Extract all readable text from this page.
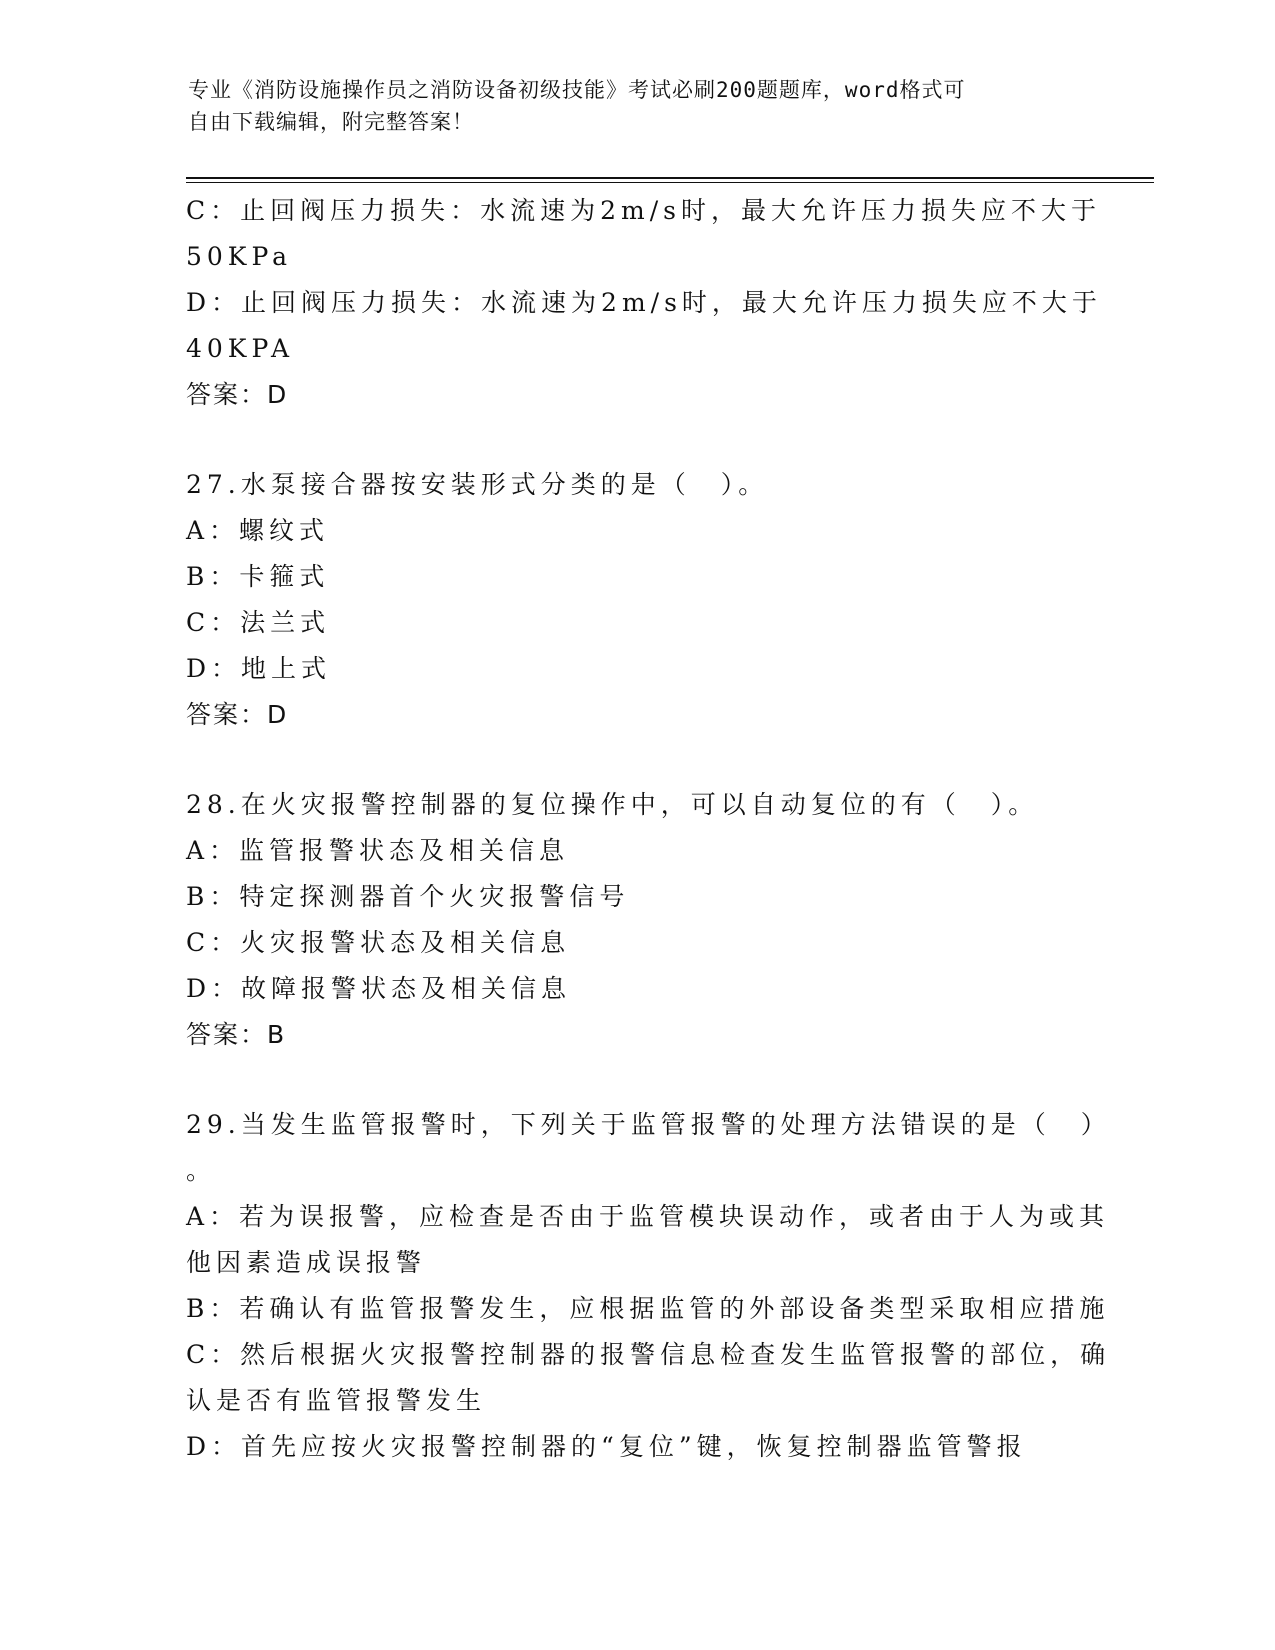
专业《消防设施操作员之消防设备初级技能》考试必刷200题题库，word格式可
自由下载编辑，附完整答案！
C：止回阀压力损失：水流速为2m/s时，最大允许压力损失应不大于
50KPa
D：止回阀压力损失：水流速为2m/s时，最大允许压力损失应不大于
40KPA
答案：D
27.水泵接合器按安装形式分类的是（　）。
A：螺纹式
B：卡箍式
C：法兰式
D：地上式
答案：D
28.在火灾报警控制器的复位操作中，可以自动复位的有（　）。
A：监管报警状态及相关信息
B：特定探测器首个火灾报警信号
C：火灾报警状态及相关信息
D：故障报警状态及相关信息
答案：B
29.当发生监管报警时，下列关于监管报警的处理方法错误的是（　）
。
A：若为误报警，应检查是否由于监管模块误动作，或者由于人为或其
他因素造成误报警
B：若确认有监管报警发生，应根据监管的外部设备类型采取相应措施
C：然后根据火灾报警控制器的报警信息检查发生监管报警的部位，确
认是否有监管报警发生
D：首先应按火灾报警控制器的“复位”键，恢复控制器监管警报
